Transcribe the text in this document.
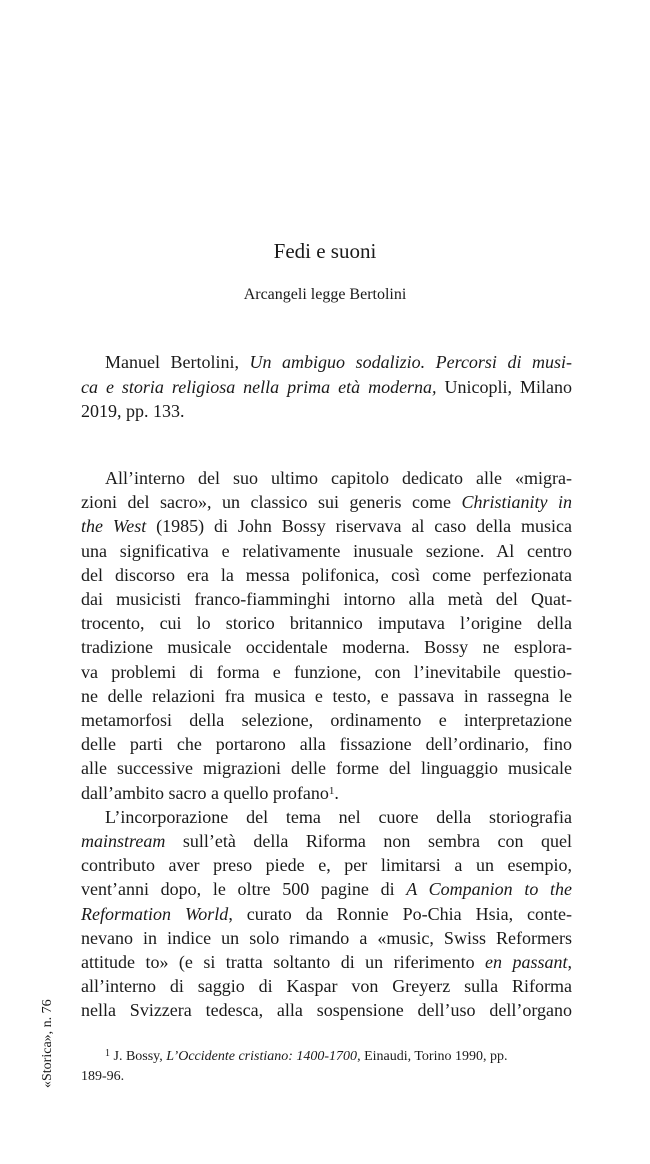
Fedi e suoni
Arcangeli legge Bertolini
Manuel Bertolini, Un ambiguo sodalizio. Percorsi di musi-
ca e storia religiosa nella prima età moderna, Unicopli, Milano
2019, pp. 133.
All’interno del suo ultimo capitolo dedicato alle «migra-
zioni del sacro», un classico sui generis come Christianity in
the West (1985) di John Bossy riservava al caso della musica
una significativa e relativamente inusuale sezione. Al centro
del discorso era la messa polifonica, così come perfezionata
dai musicisti franco-fiamminghi intorno alla metà del Quat-
trocento, cui lo storico britannico imputava l’origine della
tradizione musicale occidentale moderna. Bossy ne esplora-
va problemi di forma e funzione, con l’inevitabile questio-
ne delle relazioni fra musica e testo, e passava in rassegna le
metamorfosi della selezione, ordinamento e interpretazione
delle parti che portarono alla fissazione dell’ordinario, fino
alle successive migrazioni delle forme del linguaggio musicale
dall’ambito sacro a quello profano$^1$.
L’incorporazione del tema nel cuore della storiografia
mainstream sull’età della Riforma non sembra con quel
contributo aver preso piede e, per limitarsi a un esempio,
vent’anni dopo, le oltre 500 pagine di A Companion to the
Reformation World, curato da Ronnie Po-Chia Hsia, conte-
nevano in indice un solo rimando a «music, Swiss Reformers
attitude to» (e si tratta soltanto di un riferimento en passant,
all’interno di saggio di Kaspar von Greyerz sulla Riforma
nella Svizzera tedesca, alla sospensione dell’uso dell’organo
$^1$ J. Bossy, L’Occidente cristiano: 1400-1700, Einaudi, Torino 1990, pp.
189-96.
«Storica», n. 76
